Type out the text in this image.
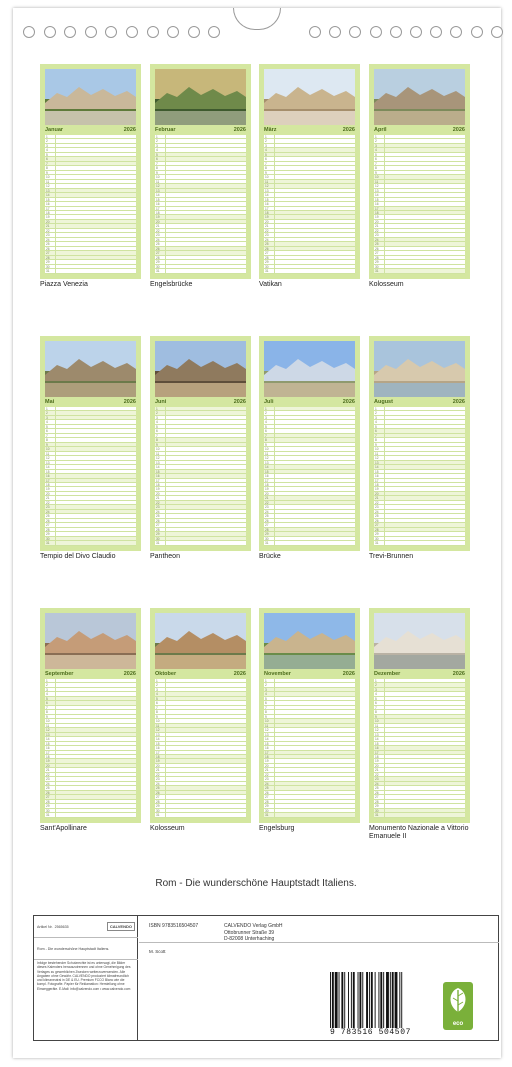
Januar	2026
1
2
3
4
5
6
7
8
9
10
11
12
13
14
15
16
17
18
19
20
21
22
23
24
25
26
27
28
29
30
31
Piazza Venezia
Februar	2026
1
2
3
4
5
6
7
8
9
10
11
12
13
14
15
16
17
18
19
20
21
22
23
24
25
26
27
28
29
30
31
Engelsbrücke
März	2026
1
2
3
4
5
6
7
8
9
10
11
12
13
14
15
16
17
18
19
20
21
22
23
24
25
26
27
28
29
30
31
Vatikan
April	2026
1
2
3
4
5
6
7
8
9
10
11
12
13
14
15
16
17
18
19
20
21
22
23
24
25
26
27
28
29
30
31
Kolosseum
Mai	2026
1
2
3
4
5
6
7
8
9
10
11
12
13
14
15
16
17
18
19
20
21
22
23
24
25
26
27
28
29
30
31
Tempio del Divo Claudio
Juni	2026
1
2
3
4
5
6
7
8
9
10
11
12
13
14
15
16
17
18
19
20
21
22
23
24
25
26
27
28
29
30
31
Pantheon
Juli	2026
1
2
3
4
5
6
7
8
9
10
11
12
13
14
15
16
17
18
19
20
21
22
23
24
25
26
27
28
29
30
31
Brücke
August	2026
1
2
3
4
5
6
7
8
9
10
11
12
13
14
15
16
17
18
19
20
21
22
23
24
25
26
27
28
29
30
31
Trevi-Brunnen
September	2026
1
2
3
4
5
6
7
8
9
10
11
12
13
14
15
16
17
18
19
20
21
22
23
24
25
26
27
28
29
30
31
Sant'Apollinare
Oktober	2026
1
2
3
4
5
6
7
8
9
10
11
12
13
14
15
16
17
18
19
20
21
22
23
24
25
26
27
28
29
30
31
Kolosseum
November	2026
1
2
3
4
5
6
7
8
9
10
11
12
13
14
15
16
17
18
19
20
21
22
23
24
25
26
27
28
29
30
31
Engelsburg
Dezember	2026
1
2
3
4
5
6
7
8
9
10
11
12
13
14
15
16
17
18
19
20
21
22
23
24
25
26
27
28
29
30
31
Monumento Nazionale a Vittorio Emanuele II
Rom - Die wunderschöne Hauptstadt Italiens.
Artikel Nr. 2565635	CALVENDO
Rom - Die wunderschöne Hauptstadt Italiens.
Infolge bestehender Schutzrechte ist es untersagt, die Bilder dieses Kalenders herauszutrennen und ohne Genehmigung des Verlages zu gewerblichen Zwecken weiterzuverwenden. Alle Angaben ohne Gewähr. CALVENDO produziert klimafreundlich und klimaneutral in DE & EU. Premium FCCO Blanc wie die kompl. Fotografie. Papier für Reklamation: Herstellung ohne Einweggeräte. E-Mail: info@calvendo.com • www.calvendo.com
ISBN 9783516504507	CALVENDO Verlag GmbH
Ottobrunner Straße 39
D-82008 Unterhaching
M. Scott
9 783516 504507
eco
